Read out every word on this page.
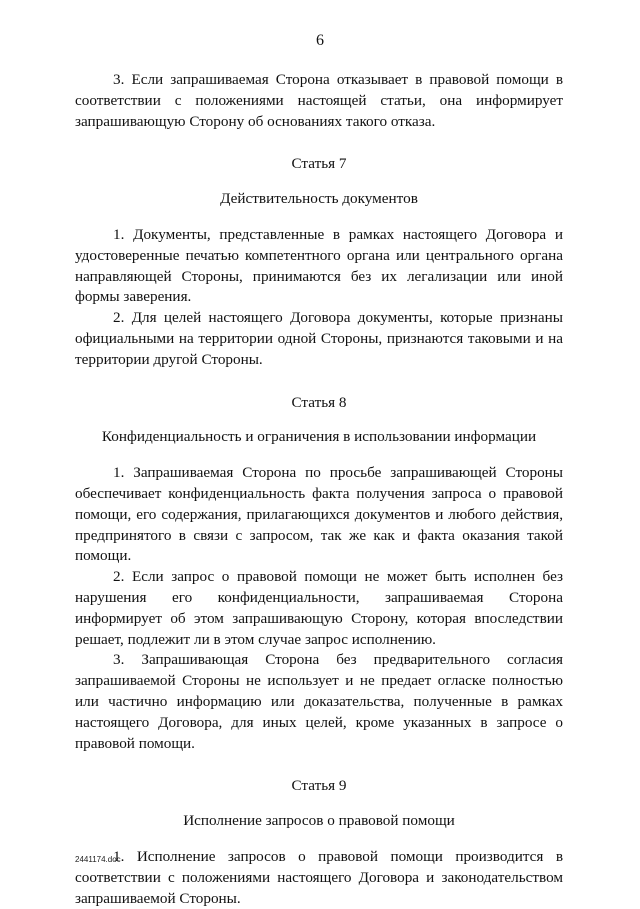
6

3. Если запрашиваемая Сторона отказывает в правовой помощи в соответствии с положениями настоящей статьи, она информирует запрашивающую Сторону об основаниях такого отказа.

Статья 7

Действительность документов

1. Документы, представленные в рамках настоящего Договора и удостоверенные печатью компетентного органа или центрального органа направляющей Стороны, принимаются без их легализации или иной формы заверения.

2. Для целей настоящего Договора документы, которые признаны официальными на территории одной Стороны, признаются таковыми и на территории другой Стороны.

Статья 8

Конфиденциальность и ограничения в использовании информации

1. Запрашиваемая Сторона по просьбе запрашивающей Стороны обеспечивает конфиденциальность факта получения запроса о правовой помощи, его содержания, прилагающихся документов и любого действия, предпринятого в связи с запросом, так же как и факта оказания такой помощи.

2. Если запрос о правовой помощи не может быть исполнен без нарушения его конфиденциальности, запрашиваемая Сторона информирует об этом запрашивающую Сторону, которая впоследствии решает, подлежит ли в этом случае запрос исполнению.

3. Запрашивающая Сторона без предварительного согласия запрашиваемой Стороны не использует и не предает огласке полностью или частично информацию или доказательства, полученные в рамках настоящего Договора, для иных целей, кроме указанных в запросе о правовой помощи.

Статья 9

Исполнение запросов о правовой помощи

1. Исполнение запросов о правовой помощи производится в соответствии с положениями настоящего Договора и законодательством запрашиваемой Стороны.

2441174.doc
